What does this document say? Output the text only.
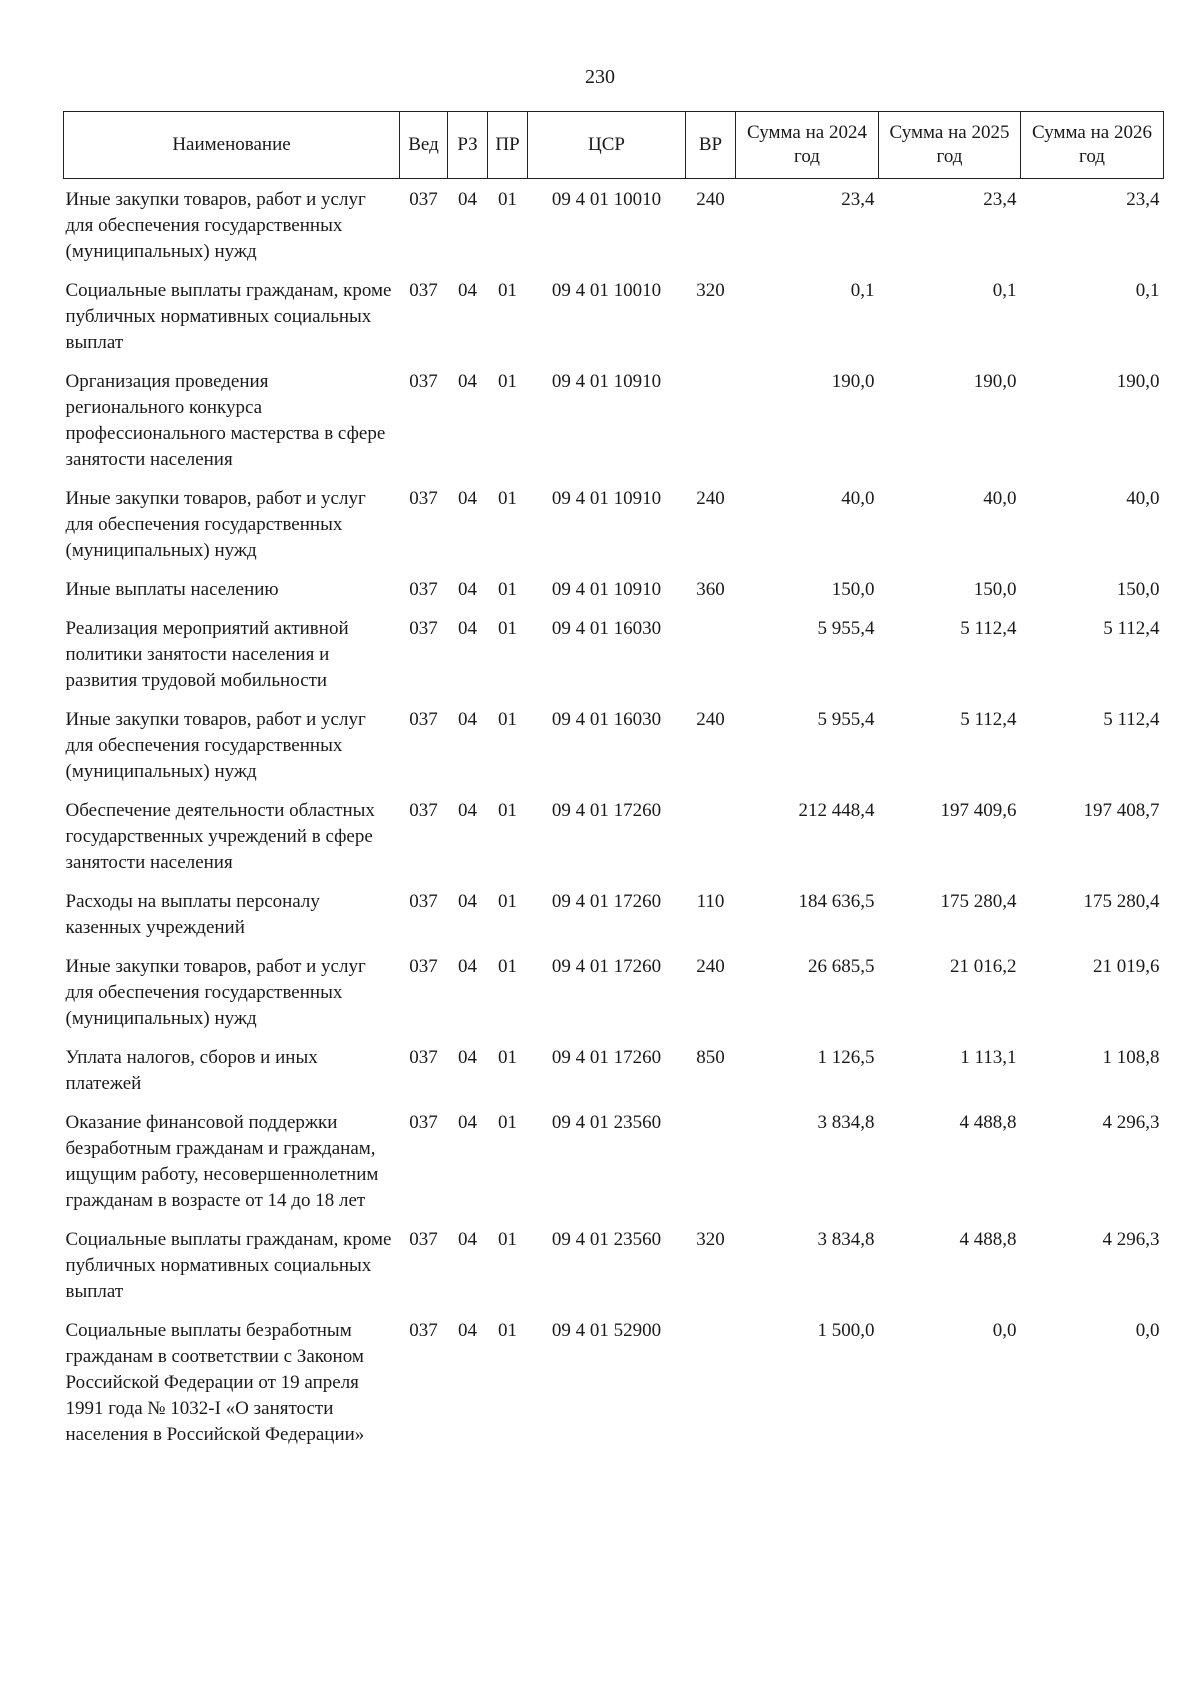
230
Наименование	Вед	РЗ	ПР	ЦСР	ВР	Сумма на 2024 год	Сумма на 2025 год	Сумма на 2026 год
Иные закупки товаров, работ и услуг для обеспечения государственных (муниципальных) нужд	037	04	01	09 4 01 10010	240	23,4	23,4	23,4
Социальные выплаты гражданам, кроме публичных нормативных социальных выплат	037	04	01	09 4 01 10010	320	0,1	0,1	0,1
Организация проведения регионального конкурса профессионального мастерства в сфере занятости населения	037	04	01	09 4 01 10910		190,0	190,0	190,0
Иные закупки товаров, работ и услуг для обеспечения государственных (муниципальных) нужд	037	04	01	09 4 01 10910	240	40,0	40,0	40,0
Иные выплаты населению	037	04	01	09 4 01 10910	360	150,0	150,0	150,0
Реализация мероприятий активной политики занятости населения и развития трудовой мобильности	037	04	01	09 4 01 16030		5 955,4	5 112,4	5 112,4
Иные закупки товаров, работ и услуг для обеспечения государственных (муниципальных) нужд	037	04	01	09 4 01 16030	240	5 955,4	5 112,4	5 112,4
Обеспечение деятельности областных государственных учреждений в сфере занятости населения	037	04	01	09 4 01 17260		212 448,4	197 409,6	197 408,7
Расходы на выплаты персоналу казенных учреждений	037	04	01	09 4 01 17260	110	184 636,5	175 280,4	175 280,4
Иные закупки товаров, работ и услуг для обеспечения государственных (муниципальных) нужд	037	04	01	09 4 01 17260	240	26 685,5	21 016,2	21 019,6
Уплата налогов, сборов и иных платежей	037	04	01	09 4 01 17260	850	1 126,5	1 113,1	1 108,8
Оказание финансовой поддержки безработным гражданам и гражданам, ищущим работу, несовершеннолетним гражданам в возрасте от 14 до 18 лет	037	04	01	09 4 01 23560		3 834,8	4 488,8	4 296,3
Социальные выплаты гражданам, кроме публичных нормативных социальных выплат	037	04	01	09 4 01 23560	320	3 834,8	4 488,8	4 296,3
Социальные выплаты безработным гражданам в соответствии с Законом Российской Федерации от 19 апреля 1991 года № 1032-I «О занятости населения в Российской Федерации»	037	04	01	09 4 01 52900		1 500,0	0,0	0,0
